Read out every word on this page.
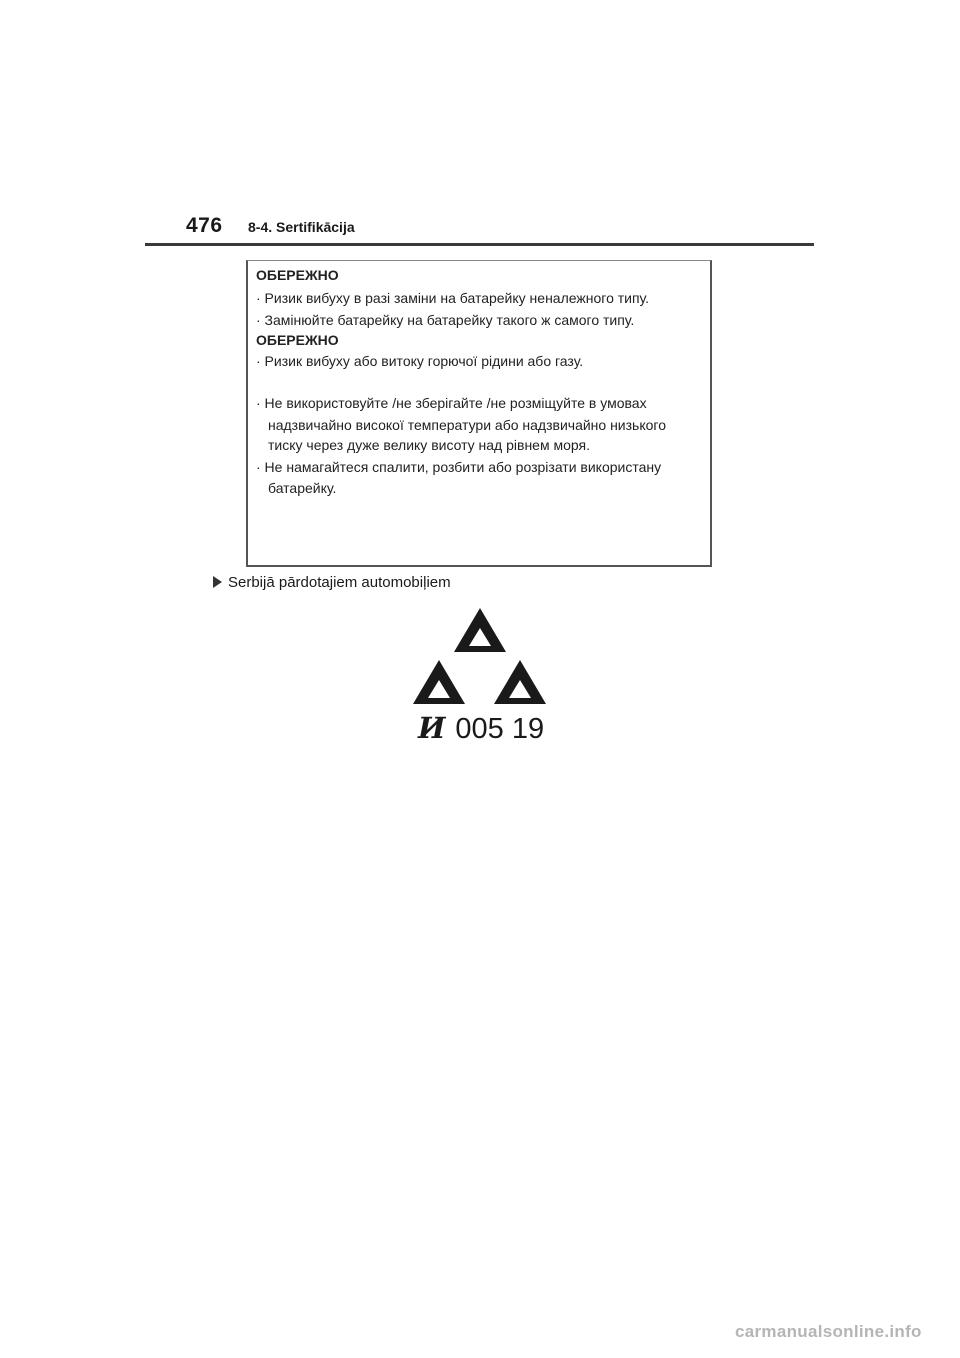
476 8-4. Sertifikācija
ОБЕРЕЖНО
· Ризик вибуху в разі заміни на батарейку неналежного типу.
· Замінюйте батарейку на батарейку такого ж самого типу.
ОБЕРЕЖНО
· Ризик вибуху або витоку горючої рідини або газу.
· Не використовуйте /не зберігайте /не розміщуйте в умовах
надзвичайно високої температури або надзвичайно низького
тиску через дуже велику висоту над рівнем моря.
· Не намагайтеся спалити, розбити або розрізати використану
батарейку.
Serbijā pārdotajiem automobiļiem
И 005 19
carmanualsonline.info
